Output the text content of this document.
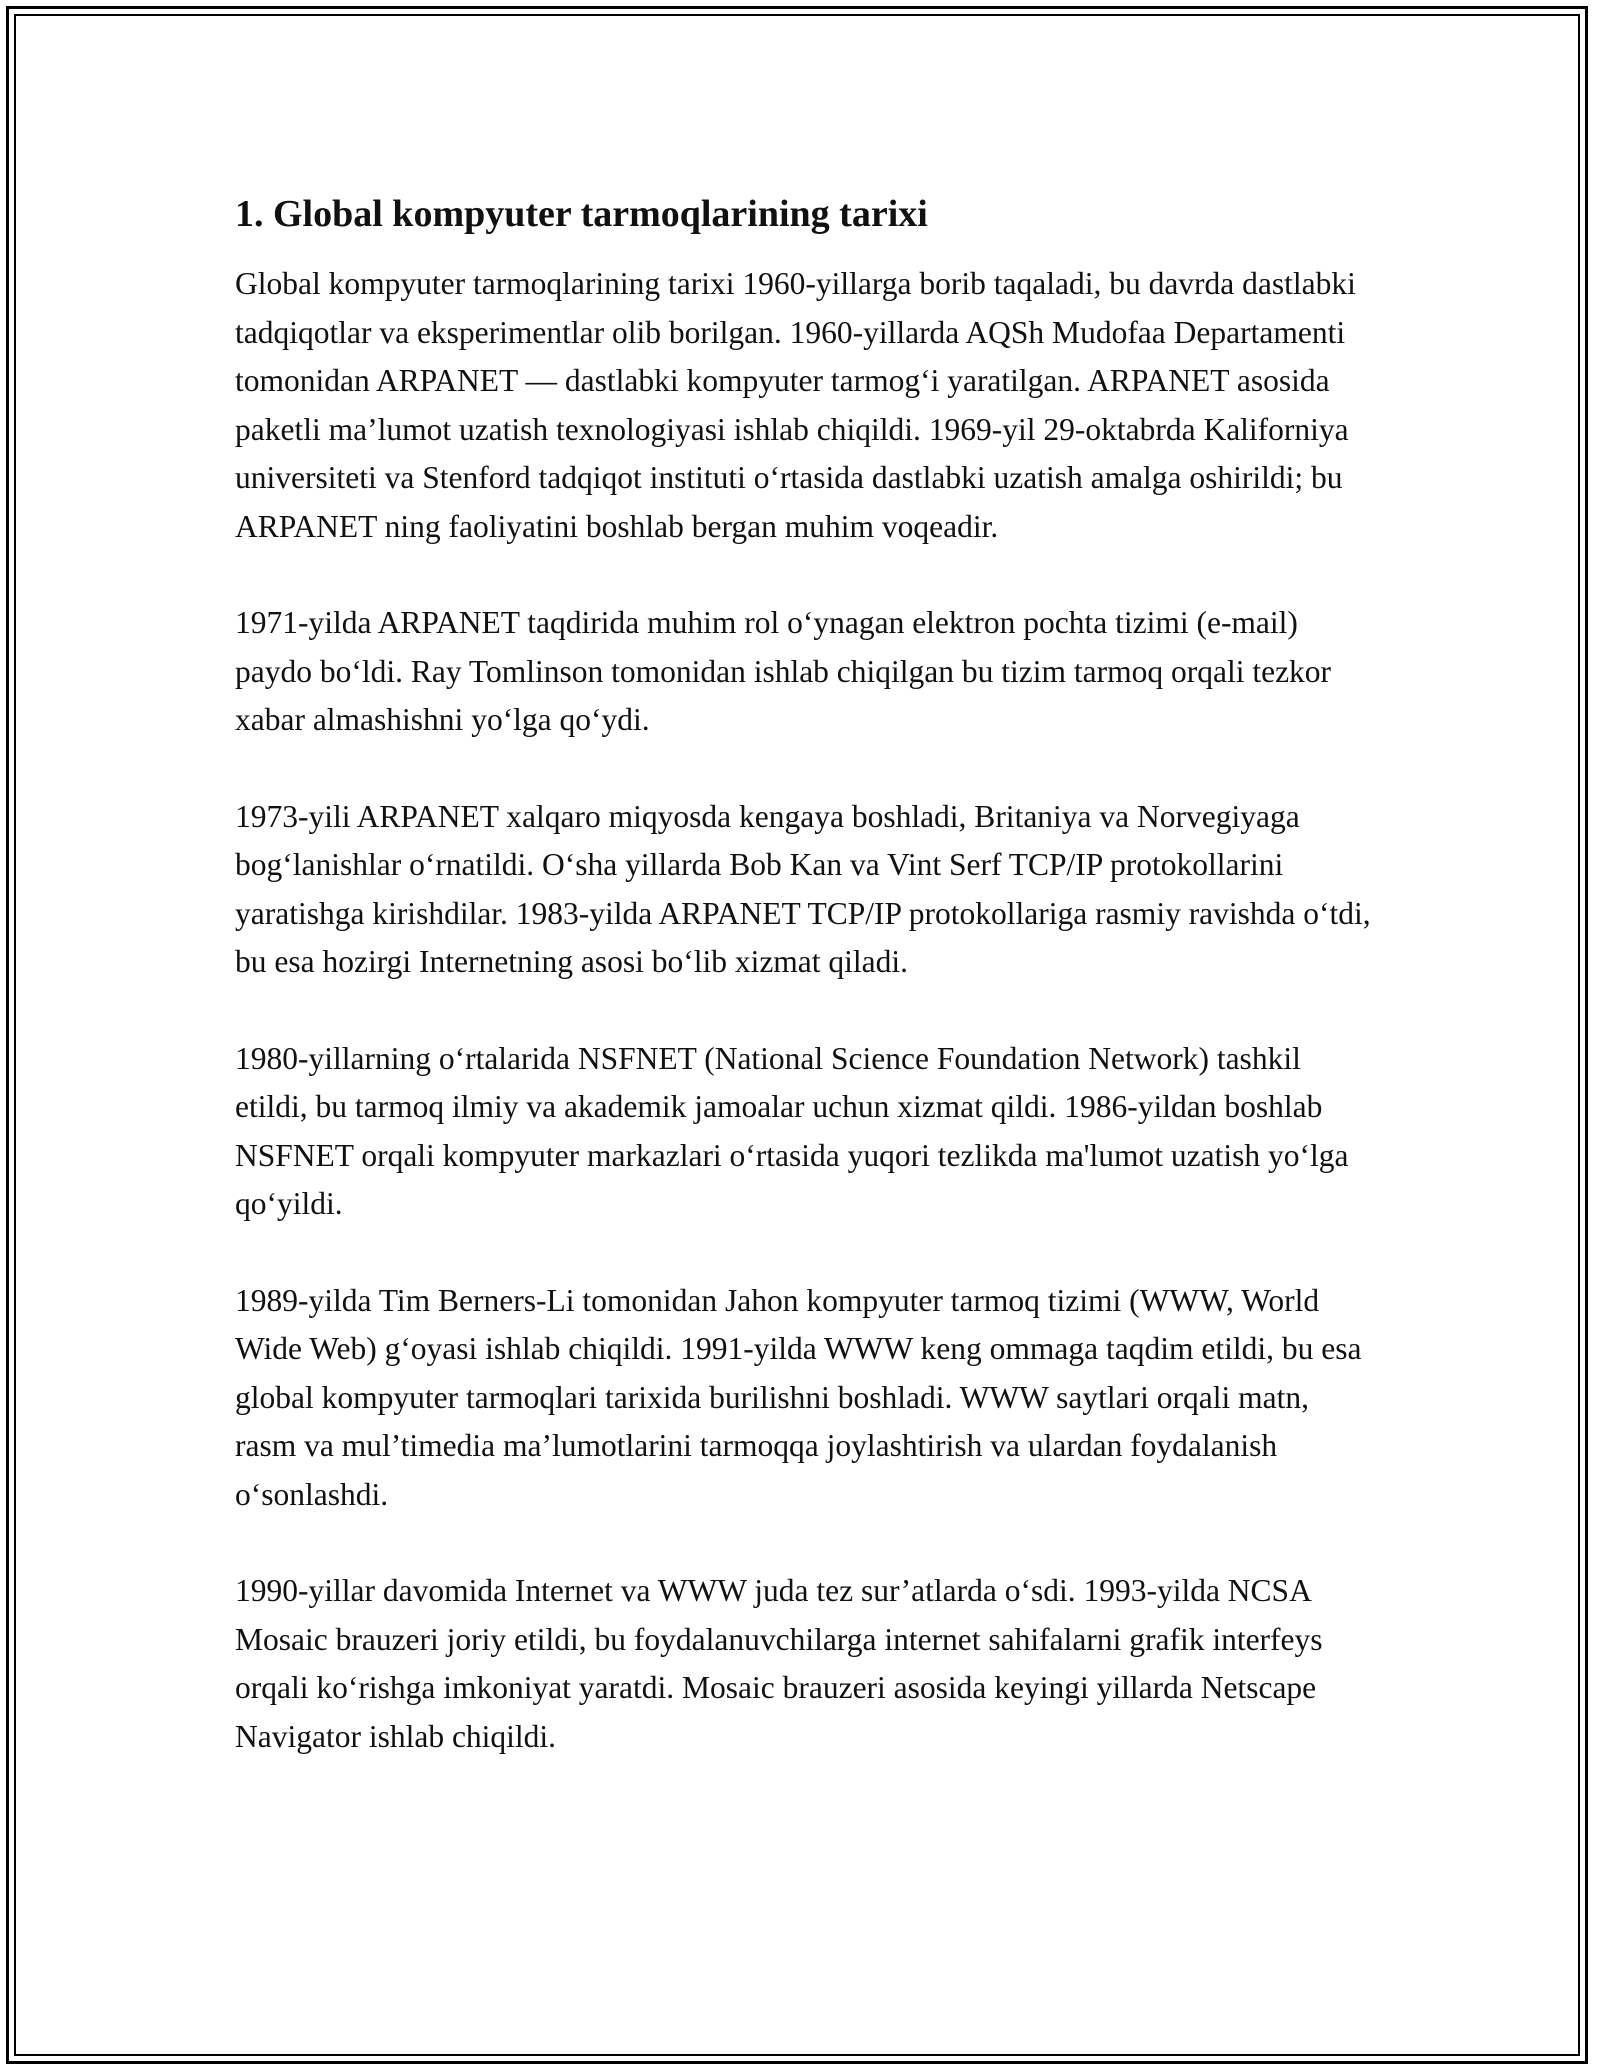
1. Global kompyuter tarmoqlarining tarixi

Global kompyuter tarmoqlarining tarixi 1960-yillarga borib taqaladi, bu davrda dastlabki tadqiqotlar va eksperimentlar olib borilgan. 1960-yillarda AQSh Mudofaa Departamenti tomonidan ARPANET — dastlabki kompyuter tarmog‘i yaratilgan. ARPANET asosida paketli ma’lumot uzatish texnologiyasi ishlab chiqildi. 1969-yil 29-oktabrda Kaliforniya universiteti va Stenford tadqiqot instituti o‘rtasida dastlabki uzatish amalga oshirildi; bu ARPANET ning faoliyatini boshlab bergan muhim voqeadir.

1971-yilda ARPANET taqdirida muhim rol o‘ynagan elektron pochta tizimi (e-mail) paydo bo‘ldi. Ray Tomlinson tomonidan ishlab chiqilgan bu tizim tarmoq orqali tezkor xabar almashishni yo‘lga qo‘ydi.

1973-yili ARPANET xalqaro miqyosda kengaya boshladi, Britaniya va Norvegiyaga bog‘lanishlar o‘rnatildi. O‘sha yillarda Bob Kan va Vint Serf TCP/IP protokollarini yaratishga kirishdilar. 1983-yilda ARPANET TCP/IP protokollariga rasmiy ravishda o‘tdi, bu esa hozirgi Internetning asosi bo‘lib xizmat qiladi.

1980-yillarning o‘rtalarida NSFNET (National Science Foundation Network) tashkil etildi, bu tarmoq ilmiy va akademik jamoalar uchun xizmat qildi. 1986-yildan boshlab NSFNET orqali kompyuter markazlari o‘rtasida yuqori tezlikda ma'lumot uzatish yo‘lga qo‘yildi.

1989-yilda Tim Berners-Li tomonidan Jahon kompyuter tarmoq tizimi (WWW, World Wide Web) g‘oyasi ishlab chiqildi. 1991-yilda WWW keng ommaga taqdim etildi, bu esa global kompyuter tarmoqlari tarixida burilishni boshladi. WWW saytlari orqali matn, rasm va mul’timedia ma’lumotlarini tarmoqqa joylashtirish va ulardan foydalanish o‘sonlashdi.

1990-yillar davomida Internet va WWW juda tez sur’atlarda o‘sdi. 1993-yilda NCSA Mosaic brauzeri joriy etildi, bu foydalanuvchilarga internet sahifalarni grafik interfeys orqali ko‘rishga imkoniyat yaratdi. Mosaic brauzeri asosida keyingi yillarda Netscape Navigator ishlab chiqildi.
